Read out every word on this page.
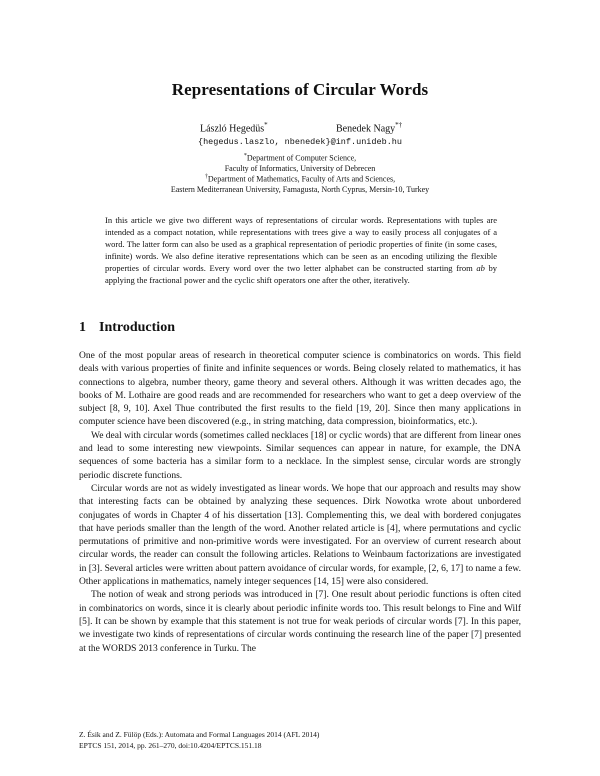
Representations of Circular Words
László Hegedüs*	Benedek Nagy*†
{hegedus.laszlo, nbenedek}@inf.unideb.hu
*Department of Computer Science,
Faculty of Informatics, University of Debrecen
†Department of Mathematics, Faculty of Arts and Sciences,
Eastern Mediterranean University, Famagusta, North Cyprus, Mersin-10, Turkey

In this article we give two different ways of representations of circular words. Representations with tuples are intended as a compact notation, while representations with trees give a way to easily process all conjugates of a word. The latter form can also be used as a graphical representation of periodic properties of finite (in some cases, infinite) words. We also define iterative representations which can be seen as an encoding utilizing the flexible properties of circular words. Every word over the two letter alphabet can be constructed starting from ab by applying the fractional power and the cyclic shift operators one after the other, iteratively.

1 Introduction

One of the most popular areas of research in theoretical computer science is combinatorics on words. This field deals with various properties of finite and infinite sequences or words. Being closely related to mathematics, it has connections to algebra, number theory, game theory and several others. Although it was written decades ago, the books of M. Lothaire are good reads and are recommended for researchers who want to get a deep overview of the subject [8, 9, 10]. Axel Thue contributed the first results to the field [19, 20]. Since then many applications in computer science have been discovered (e.g., in string matching, data compression, bioinformatics, etc.).

We deal with circular words (sometimes called necklaces [18] or cyclic words) that are different from linear ones and lead to some interesting new viewpoints. Similar sequences can appear in nature, for example, the DNA sequences of some bacteria has a similar form to a necklace. In the simplest sense, circular words are strongly periodic discrete functions.

Circular words are not as widely investigated as linear words. We hope that our approach and results may show that interesting facts can be obtained by analyzing these sequences. Dirk Nowotka wrote about unbordered conjugates of words in Chapter 4 of his dissertation [13]. Complementing this, we deal with bordered conjugates that have periods smaller than the length of the word. Another related article is [4], where permutations and cyclic permutations of primitive and non-primitive words were investigated. For an overview of current research about circular words, the reader can consult the following articles. Relations to Weinbaum factorizations are investigated in [3]. Several articles were written about pattern avoidance of circular words, for example, [2, 6, 17] to name a few. Other applications in mathematics, namely integer sequences [14, 15] were also considered.

The notion of weak and strong periods was introduced in [7]. One result about periodic functions is often cited in combinatorics on words, since it is clearly about periodic infinite words too. This result belongs to Fine and Wilf [5]. It can be shown by example that this statement is not true for weak periods of circular words [7]. In this paper, we investigate two kinds of representations of circular words continuing the research line of the paper [7] presented at the WORDS 2013 conference in Turku. The

Z. Ésik and Z. Fülöp (Eds.): Automata and Formal Languages 2014 (AFL 2014)
EPTCS 151, 2014, pp. 261–270, doi:10.4204/EPTCS.151.18
